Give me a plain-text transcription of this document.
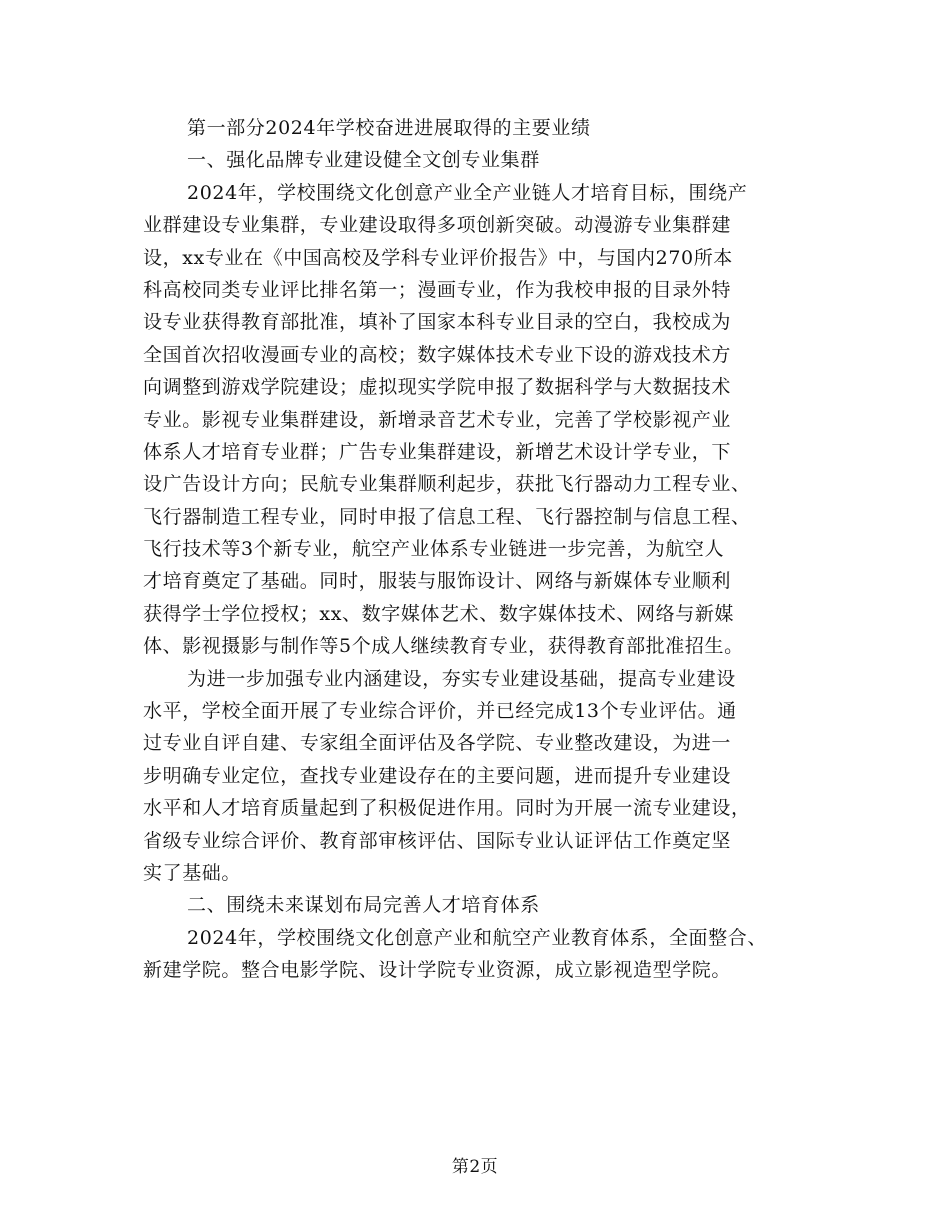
第一部分2024年学校奋进进展取得的主要业绩
一、强化品牌专业建设健全文创专业集群
2024年，学校围绕文化创意产业全产业链人才培育目标，围绕产
业群建设专业集群，专业建设取得多项创新突破。动漫游专业集群建
设，xx专业在《中国高校及学科专业评价报告》中，与国内270所本
科高校同类专业评比排名第一；漫画专业，作为我校申报的目录外特
设专业获得教育部批准，填补了国家本科专业目录的空白，我校成为
全国首次招收漫画专业的高校；数字媒体技术专业下设的游戏技术方
向调整到游戏学院建设；虚拟现实学院申报了数据科学与大数据技术
专业。影视专业集群建设，新增录音艺术专业，完善了学校影视产业
体系人才培育专业群；广告专业集群建设，新增艺术设计学专业，下
设广告设计方向；民航专业集群顺利起步，获批飞行器动力工程专业、
飞行器制造工程专业，同时申报了信息工程、飞行器控制与信息工程、
飞行技术等3个新专业，航空产业体系专业链进一步完善，为航空人
才培育奠定了基础。同时，服装与服饰设计、网络与新媒体专业顺利
获得学士学位授权；xx、数字媒体艺术、数字媒体技术、网络与新媒
体、影视摄影与制作等5个成人继续教育专业，获得教育部批准招生。
为进一步加强专业内涵建设，夯实专业建设基础，提高专业建设
水平，学校全面开展了专业综合评价，并已经完成13个专业评估。通
过专业自评自建、专家组全面评估及各学院、专业整改建设，为进一
步明确专业定位，查找专业建设存在的主要问题，进而提升专业建设
水平和人才培育质量起到了积极促进作用。同时为开展一流专业建设，
省级专业综合评价、教育部审核评估、国际专业认证评估工作奠定坚
实了基础。
二、围绕未来谋划布局完善人才培育体系
2024年，学校围绕文化创意产业和航空产业教育体系，全面整合、
新建学院。整合电影学院、设计学院专业资源，成立影视造型学院。
第2页
